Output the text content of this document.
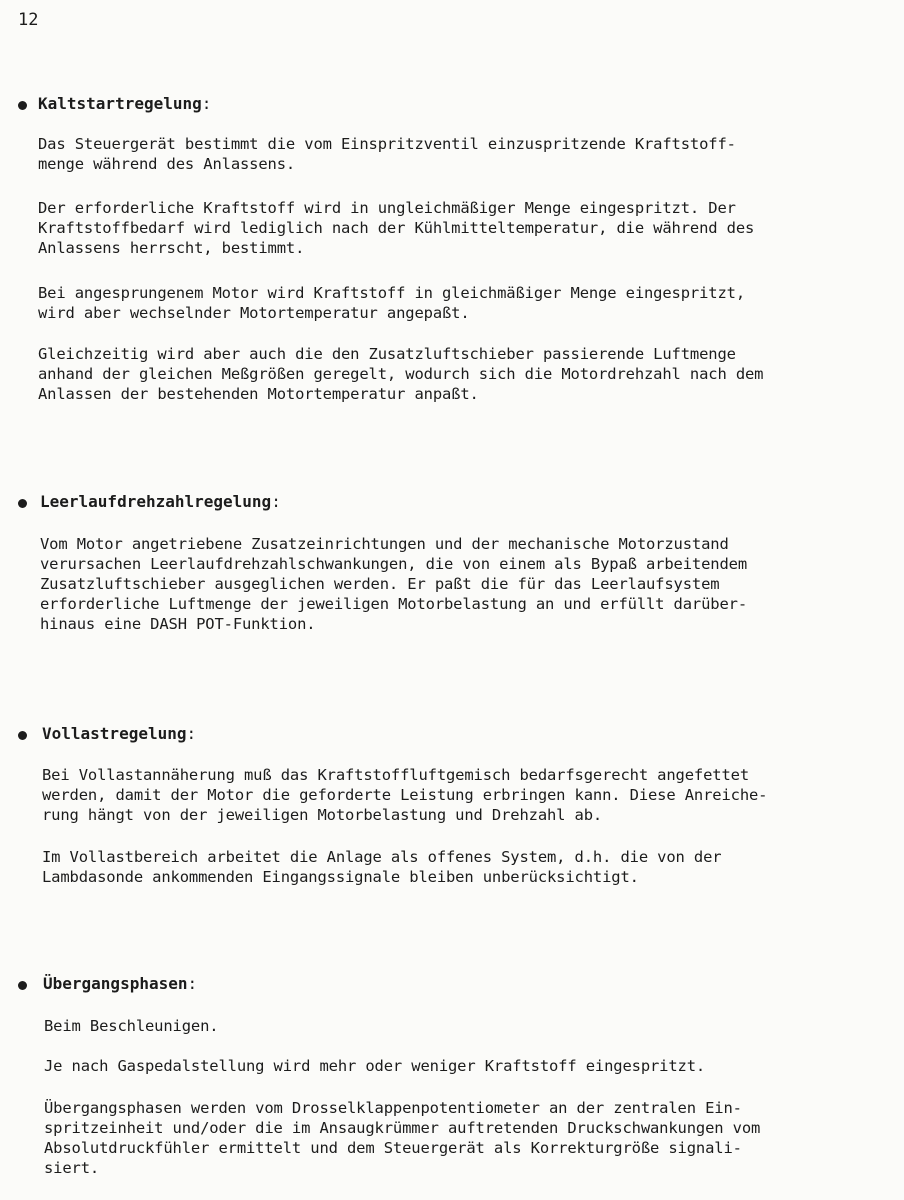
12
Kaltstartregelung:
Das Steuergerät bestimmt die vom Einspritzventil einzuspritzende Kraftstoff-
menge während des Anlassens.
Der erforderliche Kraftstoff wird in ungleichmäßiger Menge eingespritzt. Der
Kraftstoffbedarf wird lediglich nach der Kühlmitteltemperatur, die während des
Anlassens herrscht, bestimmt.
Bei angesprungenem Motor wird Kraftstoff in gleichmäßiger Menge eingespritzt,
wird aber wechselnder Motortemperatur angepaßt.
Gleichzeitig wird aber auch die den Zusatzluftschieber passierende Luftmenge
anhand der gleichen Meßgrößen geregelt, wodurch sich die Motordrehzahl nach dem
Anlassen der bestehenden Motortemperatur anpaßt.
Leerlaufdrehzahlregelung:
Vom Motor angetriebene Zusatzeinrichtungen und der mechanische Motorzustand
verursachen Leerlaufdrehzahlschwankungen, die von einem als Bypaß arbeitendem
Zusatzluftschieber ausgeglichen werden. Er paßt die für das Leerlaufsystem
erforderliche Luftmenge der jeweiligen Motorbelastung an und erfüllt darüber-
hinaus eine DASH POT-Funktion.
Vollastregelung:
Bei Vollastannäherung muß das Kraftstoffluftgemisch bedarfsgerecht angefettet
werden, damit der Motor die geforderte Leistung erbringen kann. Diese Anreiche-
rung hängt von der jeweiligen Motorbelastung und Drehzahl ab.
Im Vollastbereich arbeitet die Anlage als offenes System, d.h. die von der
Lambdasonde ankommenden Eingangssignale bleiben unberücksichtigt.
Übergangsphasen:
Beim Beschleunigen.
Je nach Gaspedalstellung wird mehr oder weniger Kraftstoff eingespritzt.
Übergangsphasen werden vom Drosselklappenpotentiometer an der zentralen Ein-
spritzeinheit und/oder die im Ansaugkrümmer auftretenden Druckschwankungen vom
Absolutdruckfühler ermittelt und dem Steuergerät als Korrekturgröße signali-
siert.
